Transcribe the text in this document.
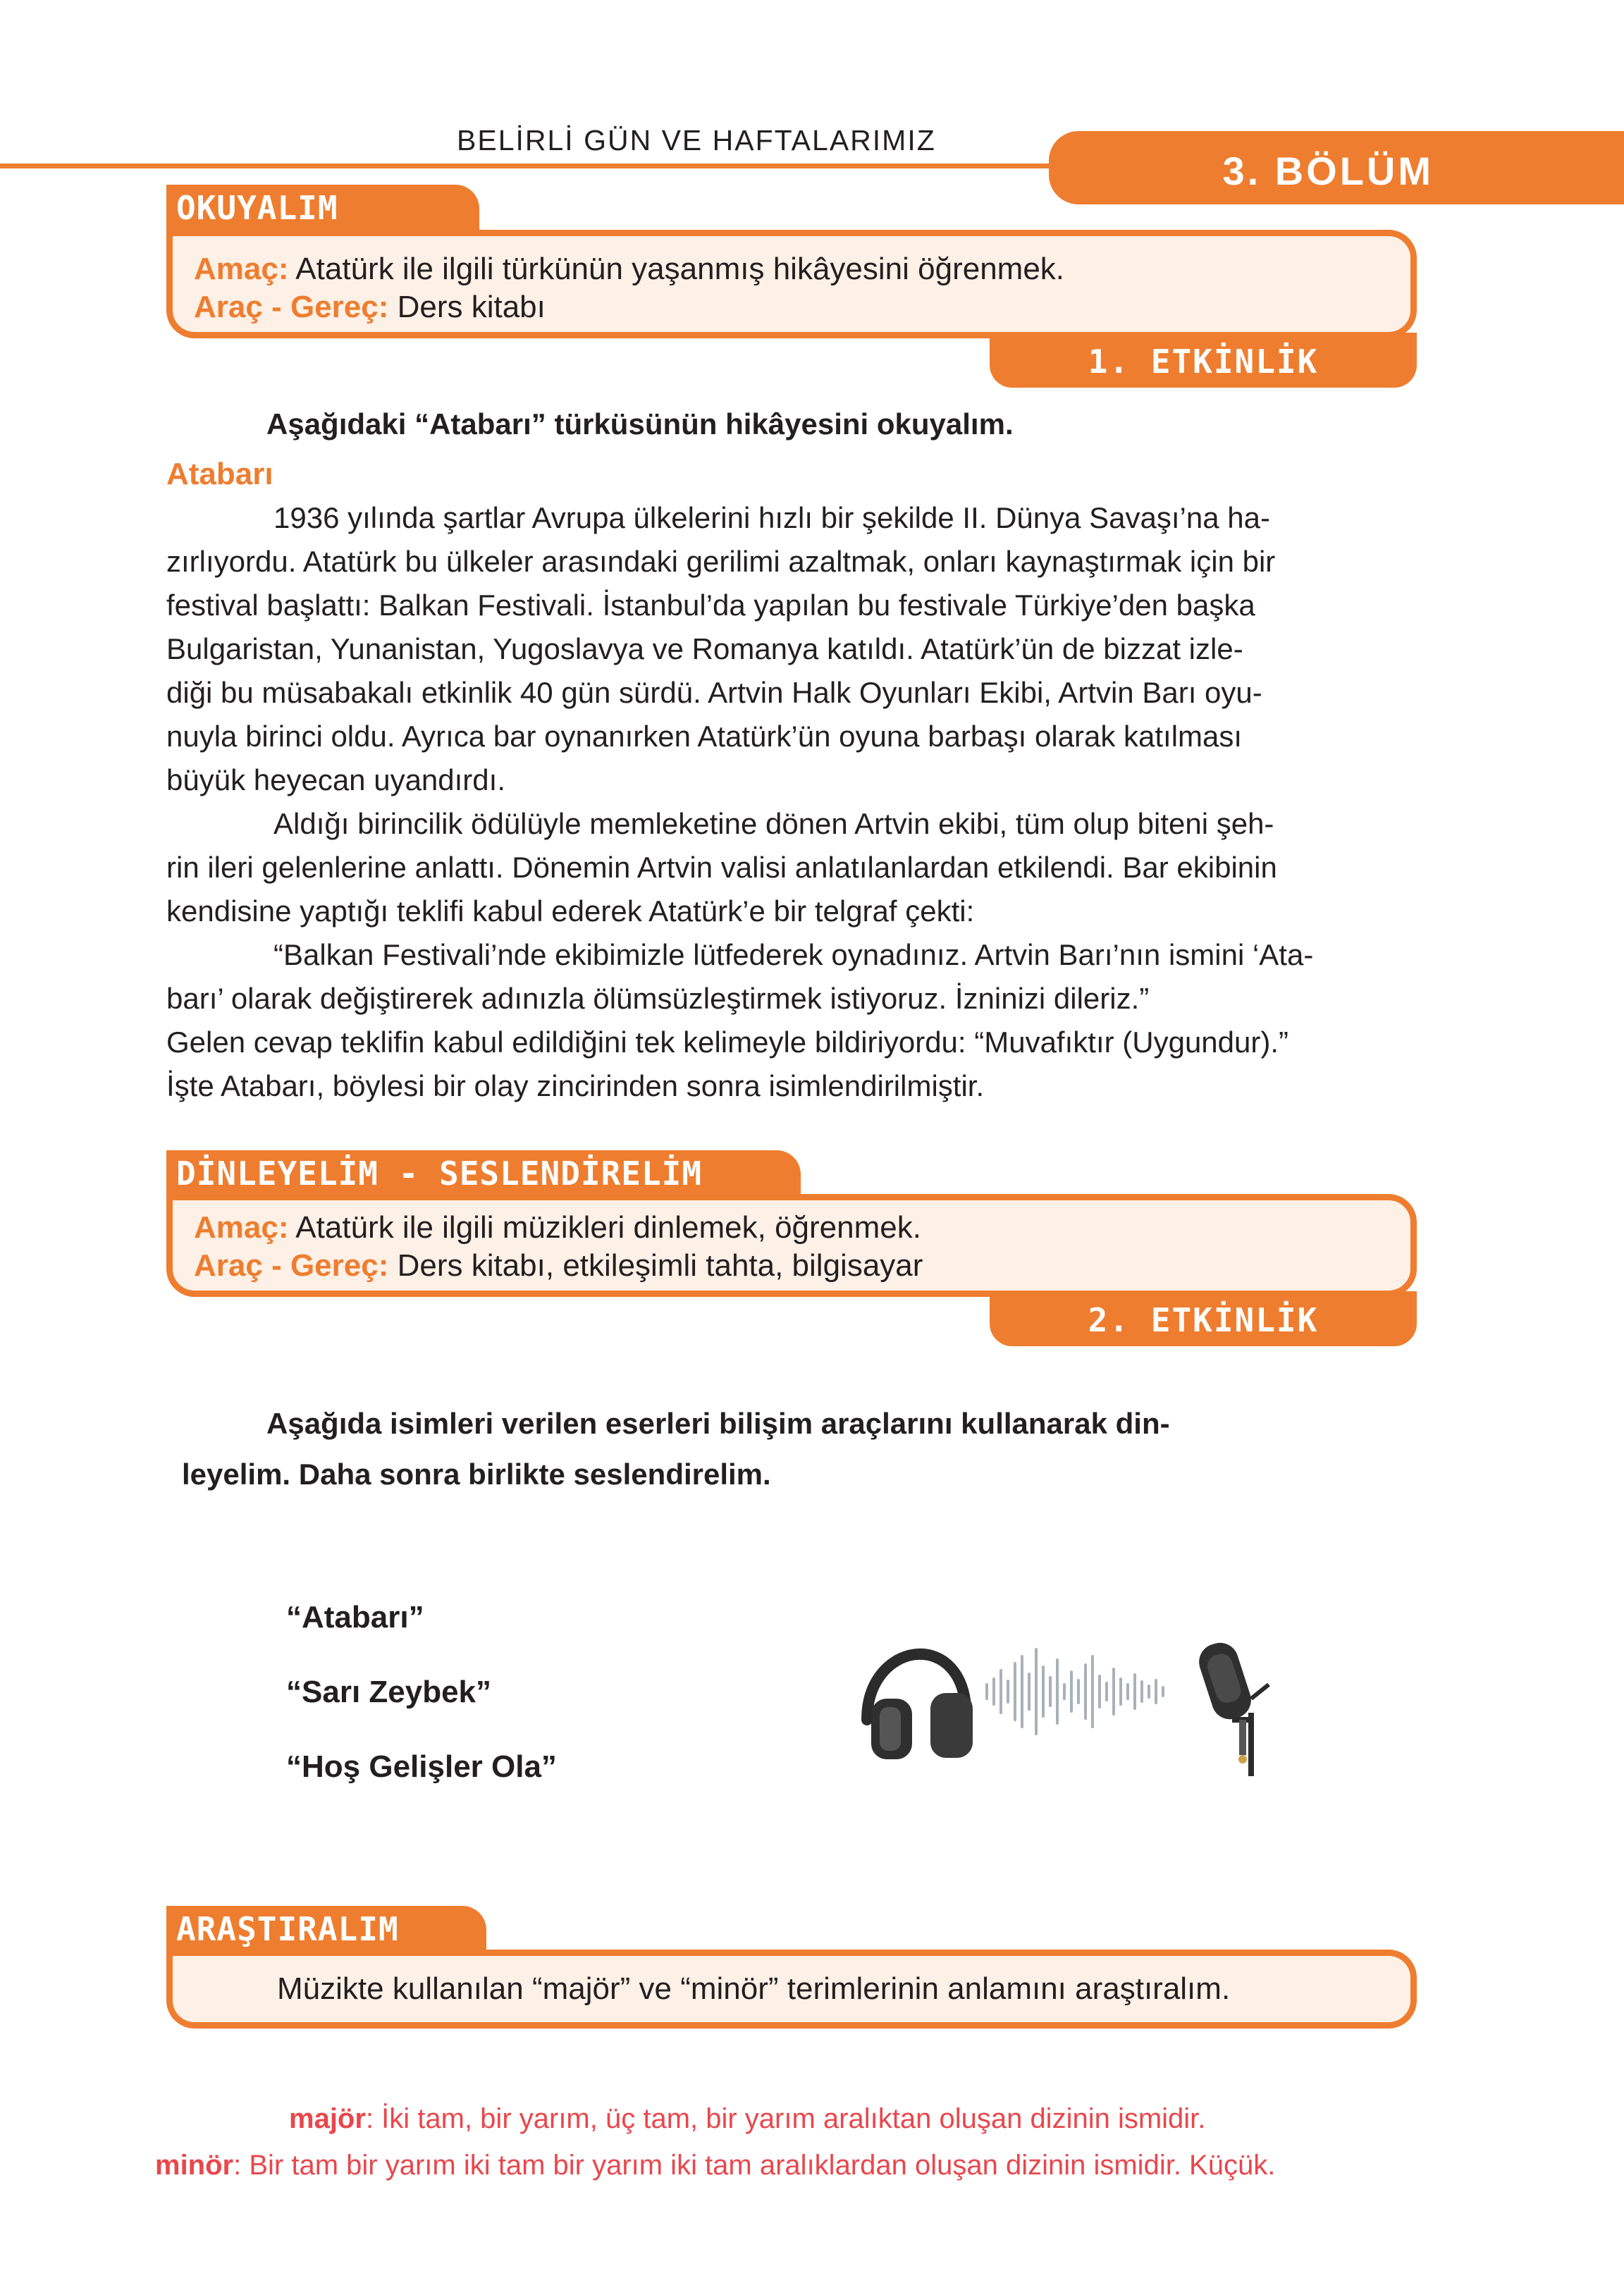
BELİRLİ GÜN VE HAFTALARIMIZ
3. BÖLÜM
OKUYALIM
Amaç: Atatürk ile ilgili türkünün yaşanmış hikâyesini öğrenmek.
Araç - Gereç: Ders kitabı
1. ETKİNLİK
Aşağıdaki “Atabarı” türküsünün hikâyesini okuyalım.
Atabarı
1936 yılında şartlar Avrupa ülkelerini hızlı bir şekilde II. Dünya Savaşı’na ha-
zırlıyordu. Atatürk bu ülkeler arasındaki gerilimi azaltmak, onları kaynaştırmak için bir
festival başlattı: Balkan Festivali. İstanbul’da yapılan bu festivale Türkiye’den başka
Bulgaristan, Yunanistan, Yugoslavya ve Romanya katıldı. Atatürk’ün de bizzat izle-
diği bu müsabakalı etkinlik 40 gün sürdü. Artvin Halk Oyunları Ekibi, Artvin Barı oyu-
nuyla birinci oldu. Ayrıca bar oynanırken Atatürk’ün oyuna barbaşı olarak katılması
büyük heyecan uyandırdı.
Aldığı birincilik ödülüyle memleketine dönen Artvin ekibi, tüm olup biteni şeh-
rin ileri gelenlerine anlattı. Dönemin Artvin valisi anlatılanlardan etkilendi. Bar ekibinin
kendisine yaptığı teklifi kabul ederek Atatürk’e bir telgraf çekti:
“Balkan Festivali’nde ekibimizle lütfederek oynadınız. Artvin Barı’nın ismini ‘Ata-
barı’ olarak değiştirerek adınızla ölümsüzleştirmek istiyoruz. İzninizi dileriz.”
Gelen cevap teklifin kabul edildiğini tek kelimeyle bildiriyordu: “Muvafıktır (Uygundur).”
İşte Atabarı, böylesi bir olay zincirinden sonra isimlendirilmiştir.
DİNLEYELİM - SESLENDİRELİM
Amaç: Atatürk ile ilgili müzikleri dinlemek, öğrenmek.
Araç - Gereç: Ders kitabı, etkileşimli tahta, bilgisayar
2. ETKİNLİK
Aşağıda isimleri verilen eserleri bilişim araçlarını kullanarak din-
leyelim. Daha sonra birlikte seslendirelim.
“Atabarı”
“Sarı Zeybek”
“Hoş Gelişler Ola”
ARAŞTIRALIM
Müzikte kullanılan “majör” ve “minör” terimlerinin anlamını araştıralım.
majör: İki tam, bir yarım, üç tam, bir yarım aralıktan oluşan dizinin ismidir.
minör: Bir tam bir yarım iki tam bir yarım iki tam aralıklardan oluşan dizinin ismidir. Küçük.
